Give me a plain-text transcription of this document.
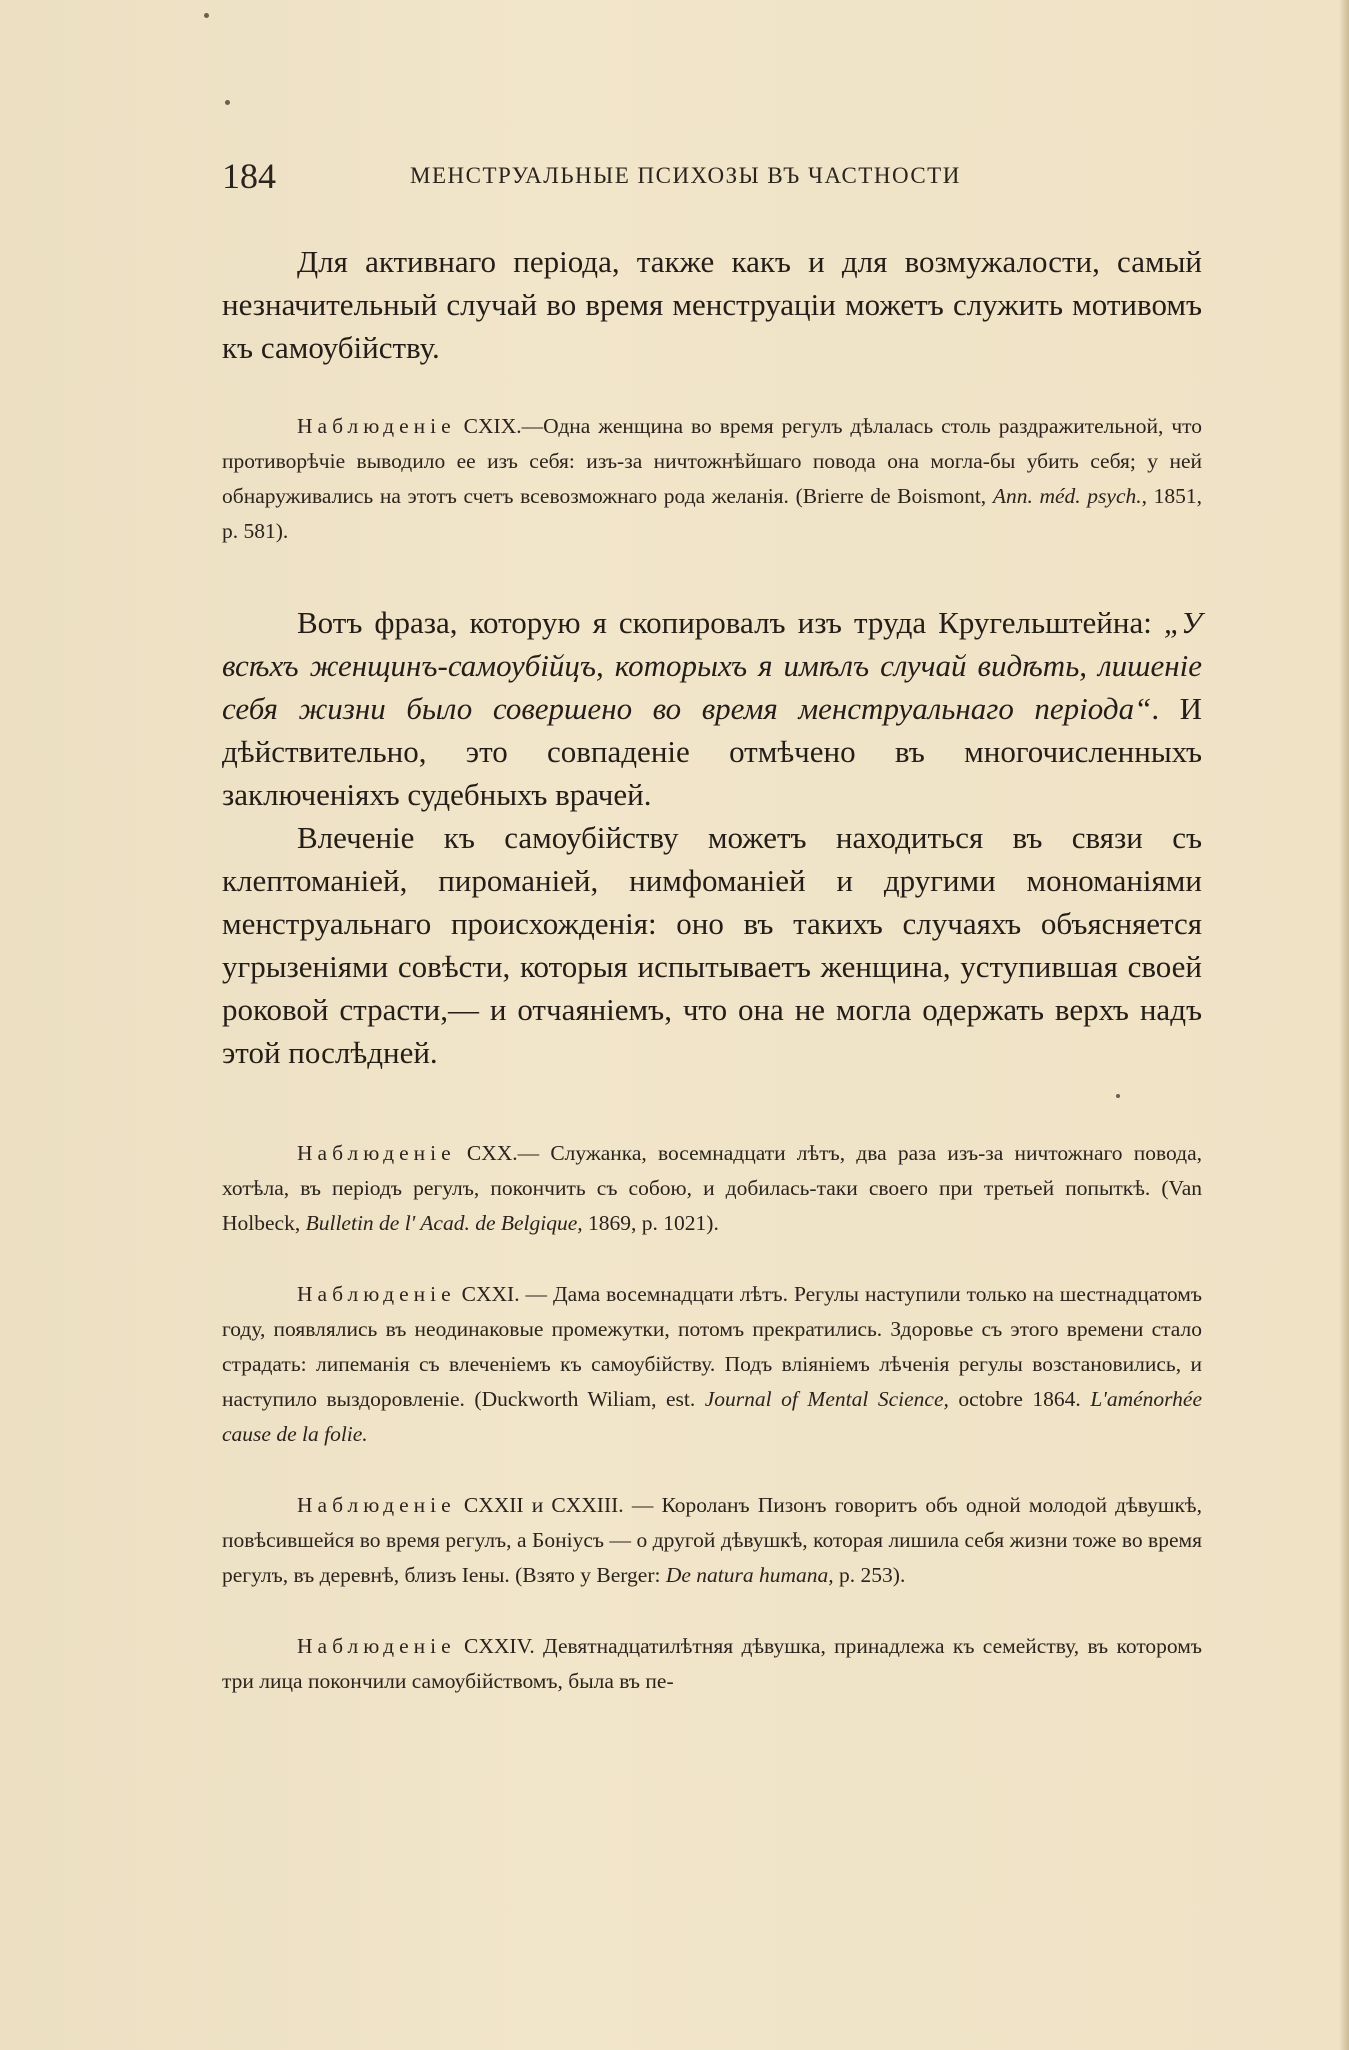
184	МЕНСТРУАЛЬНЫЕ ПСИХОЗЫ ВЪ ЧАСТНОСТИ

Для активнаго періода, также какъ и для возмужалости, самый незначительный случай во время менструаціи можетъ служить мотивомъ къ самоубійству.

Наблюденіе CXIX.—Одна женщина во время регулъ дѣлалась столь раздражительной, что противорѣчіе выводило ее изъ себя: изъ-за ничтожнѣйшаго повода она могла-бы убить себя; у ней обнаруживались на этотъ счетъ всевозможнаго рода желанія. (Brierre de Boismont, Ann. méd. psych., 1851, p. 581).

Вотъ фраза, которую я скопировалъ изъ труда Кругельштейна: „У всѣхъ женщинъ-самоубійцъ, которыхъ я имѣлъ случай видѣть, лишеніе себя жизни было совершено во время менструальнаго періода“. И дѣйствительно, это совпаденіе отмѣчено въ многочисленныхъ заключеніяхъ судебныхъ врачей.

Влеченіе къ самоубійству можетъ находиться въ связи съ клептоманіей, пироманіей, нимфоманіей и другими мономаніями менструальнаго происхожденія: оно въ такихъ случаяхъ объясняется угрызеніями совѣсти, которыя испытываетъ женщина, уступившая своей роковой страсти,— и отчаяніемъ, что она не могла одержать верхъ надъ этой послѣдней.

Наблюденіе CXX.— Служанка, восемнадцати лѣтъ, два раза изъ-за ничтожнаго повода, хотѣла, въ періодъ регулъ, покончить съ собою, и добилась-таки своего при третьей попыткѣ. (Van Holbeck, Bulletin de l' Acad. de Belgique, 1869, p. 1021).

Наблюденіе CXXI. — Дама восемнадцати лѣтъ. Регулы наступили только на шестнадцатомъ году, появлялись въ неодинаковые промежутки, потомъ прекратились. Здоровье съ этого времени стало страдать: липеманія съ влеченіемъ къ самоубійству. Подъ вліяніемъ лѣченія регулы возстановились, и наступило выздоровленіе. (Duckworth Wiliam, est. Journal of Mental Science, octobre 1864. L'aménorhée cause de la folie.

Наблюденіе CXXII и CXXIII. — Короланъ Пизонъ говоритъ объ одной молодой дѣвушкѣ, повѣсившейся во время регулъ, а Боніусъ — о другой дѣвушкѣ, которая лишила себя жизни тоже во время регулъ, въ деревнѣ, близъ Іены. (Взято у Berger: De natura humana, p. 253).

Наблюденіе CXXIV. Девятнадцатилѣтняя дѣвушка, принадлежа къ семейству, въ которомъ три лица покончили самоубійствомъ, была въ пе-
